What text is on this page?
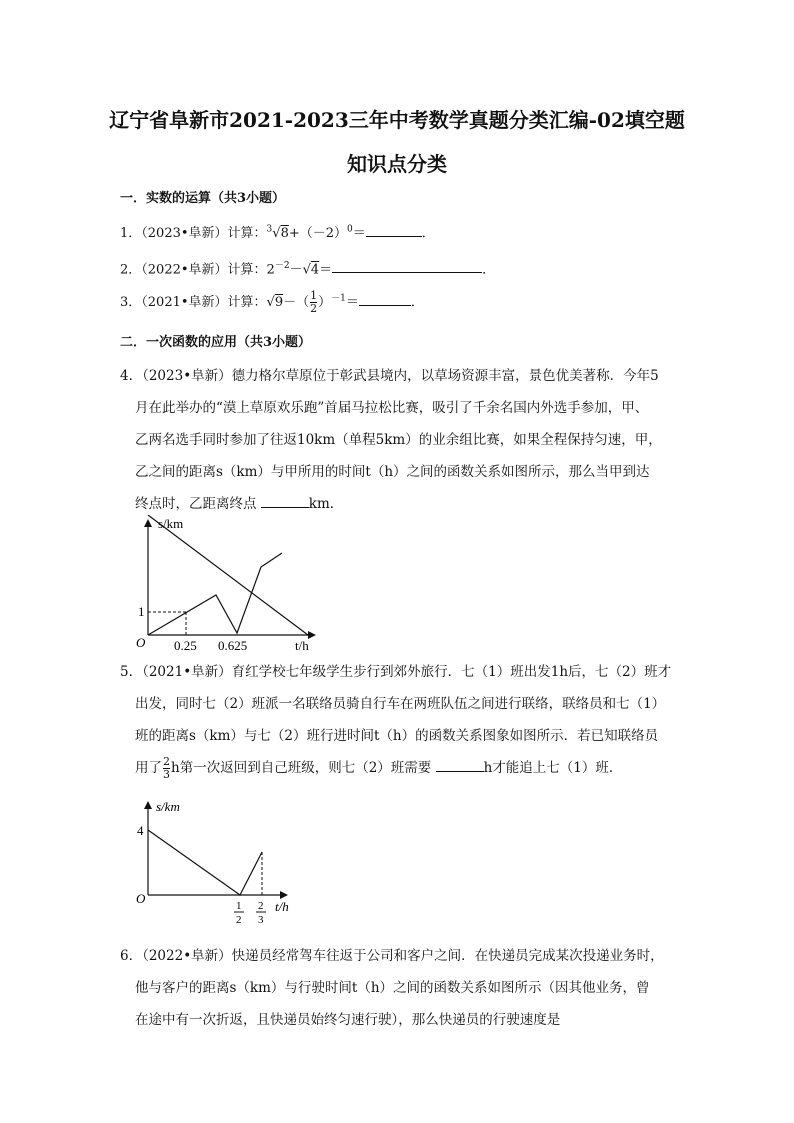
辽宁省阜新市2021-2023三年中考数学真题分类汇编-02填空题
知识点分类
一．实数的运算（共3小题）
1．（2023•阜新）计算：$^3√8+(-2)^0=$	．
2．（2022•阜新）计算：$2^{-2}-√4=$	．
3．（2021•阜新）计算：$√9-( \frac{1}{2} )^{-1}=$	．
二．一次函数的应用（共3小题）
4．（2023•阜新）德力格尔草原位于彰武县境内，以草场资源丰富，景色优美著称．今年5
月在此举办的“漠上草原欢乐跑”首届马拉松比赛，吸引了千余名国内外选手参加，甲、
乙两名选手同时参加了往返10km（单程5km）的业余组比赛，如果全程保持匀速，甲，
乙之间的距离s（km）与甲所用的时间t（h）之间的函数关系如图所示，那么当甲到达
终点时，乙距离终点	km．
s/km
t/h
O
1
0.25 0.625
5．（2021•阜新）育红学校七年级学生步行到郊外旅行．七（1）班出发1h后，七（2）班才
出发，同时七（2）班派一名联络员骑自行车在两班队伍之间进行联络，联络员和七（1）
班的距离s（km）与七（2）班行进时间t（h）的函数关系图象如图所示．若已知联络员
用了 $\frac{2}{3}$ h第一次返回到自己班级，则七（2）班需要	h才能追上七（1）班．
s/km
t/h
O
4
1
2
2
3
6．（2022•阜新）快递员经常驾车往返于公司和客户之间．在快递员完成某次投递业务时，
他与客户的距离s（km）与行驶时间t（h）之间的函数关系如图所示（因其他业务，曾
在途中有一次折返，且快递员始终匀速行驶），那么快递员的行驶速度是
